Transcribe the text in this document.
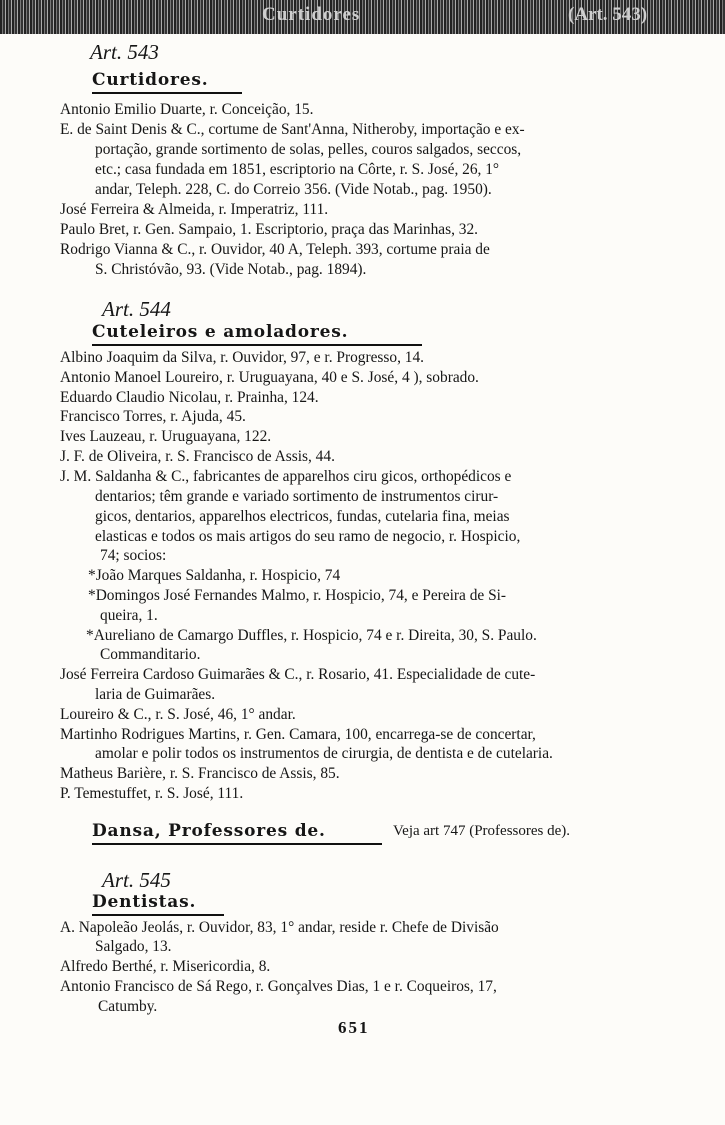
Curtidores	(Art. 543)
Art. 543
Curtidores.
Antonio Emilio Duarte, r. Conceição, 15.
E. de Saint Denis & C., cortume de Sant'Anna, Nitheroby, importação e ex-
portação, grande sortimento de solas, pelles, couros salgados, seccos,
etc.; casa fundada em 1851, escriptorio na Côrte, r. S. José, 26, 1°
andar, Teleph. 228, C. do Correio 356. (Vide Notab., pag. 1950).
José Ferreira & Almeida, r. Imperatriz, 111.
Paulo Bret, r. Gen. Sampaio, 1. Escriptorio, praça das Marinhas, 32.
Rodrigo Vianna & C., r. Ouvidor, 40 A, Teleph. 393, cortume praia de
S. Christóvão, 93. (Vide Notab., pag. 1894).
Art. 544
Cuteleiros e amoladores.
Albino Joaquim da Silva, r. Ouvidor, 97, e r. Progresso, 14.
Antonio Manoel Loureiro, r. Uruguayana, 40 e S. José, 4 ), sobrado.
Eduardo Claudio Nicolau, r. Prainha, 124.
Francisco Torres, r. Ajuda, 45.
Ives Lauzeau, r. Uruguayana, 122.
J. F. de Oliveira, r. S. Francisco de Assis, 44.
J. M. Saldanha & C., fabricantes de apparelhos ciru gicos, orthopédicos e
dentarios; têm grande e variado sortimento de instrumentos cirur-
gicos, dentarios, apparelhos electricos, fundas, cutelaria fina, meias
elasticas e todos os mais artigos do seu ramo de negocio, r. Hospicio,
74; socios:
*João Marques Saldanha, r. Hospicio, 74
*Domingos José Fernandes Malmo, r. Hospicio, 74, e Pereira de Si-
queira, 1.
*Aureliano de Camargo Duffles, r. Hospicio, 74 e r. Direita, 30, S. Paulo.
Commanditario.
José Ferreira Cardoso Guimarães & C., r. Rosario, 41. Especialidade de cute-
laria de Guimarães.
Loureiro & C., r. S. José, 46, 1° andar.
Martinho Rodrigues Martins, r. Gen. Camara, 100, encarrega-se de concertar,
amolar e polir todos os instrumentos de cirurgia, de dentista e de cutelaria.
Matheus Barière, r. S. Francisco de Assis, 85.
P. Temestuffet, r. S. José, 111.
Dansa, Professores de.	Veja art 747 (Professores de).
Art. 545
Dentistas.
A. Napoleão Jeolás, r. Ouvidor, 83, 1° andar, reside r. Chefe de Divisão
Salgado, 13.
Alfredo Berthé, r. Misericordia, 8.
Antonio Francisco de Sá Rego, r. Gonçalves Dias, 1 e r. Coqueiros, 17,
Catumby.
651
